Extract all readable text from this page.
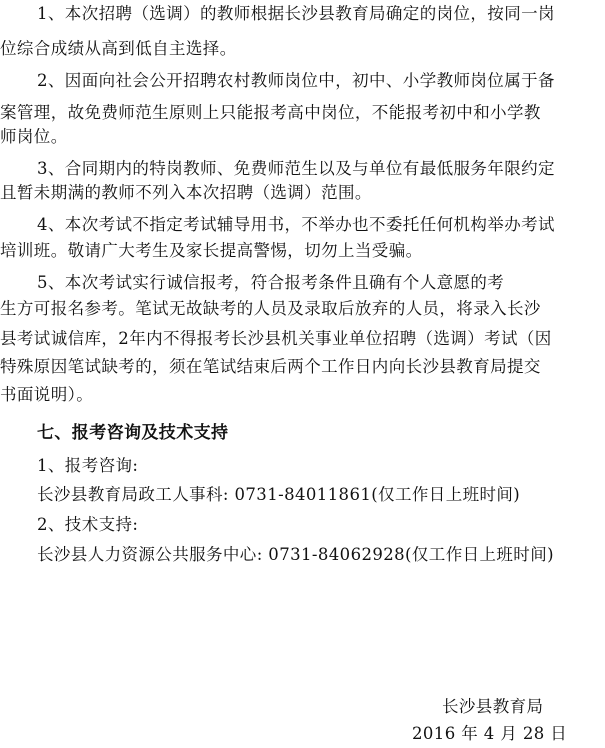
1、本次招聘（选调）的教师根据长沙县教育局确定的岗位，按同一岗
位综合成绩从高到低自主选择。
2、因面向社会公开招聘农村教师岗位中，初中、小学教师岗位属于备
案管理，故免费师范生原则上只能报考高中岗位，不能报考初中和小学教
师岗位。
3、合同期内的特岗教师、免费师范生以及与单位有最低服务年限约定
且暂未期满的教师不列入本次招聘（选调）范围。
4、本次考试不指定考试辅导用书，不举办也不委托任何机构举办考试
培训班。敬请广大考生及家长提高警惕，切勿上当受骗。
5、本次考试实行诚信报考，符合报考条件且确有个人意愿的考
生方可报名参考。笔试无故缺考的人员及录取后放弃的人员，将录入长沙
县考试诚信库，2年内不得报考长沙县机关事业单位招聘（选调）考试（因
特殊原因笔试缺考的，须在笔试结束后两个工作日内向长沙县教育局提交
书面说明）。
七、报考咨询及技术支持
1、报考咨询:
长沙县教育局政工人事科: 0731-84011861(仅工作日上班时间)
2、技术支持:
长沙县人力资源公共服务中心: 0731-84062928(仅工作日上班时间)
长沙县教育局
2016 年 4 月 28 日
